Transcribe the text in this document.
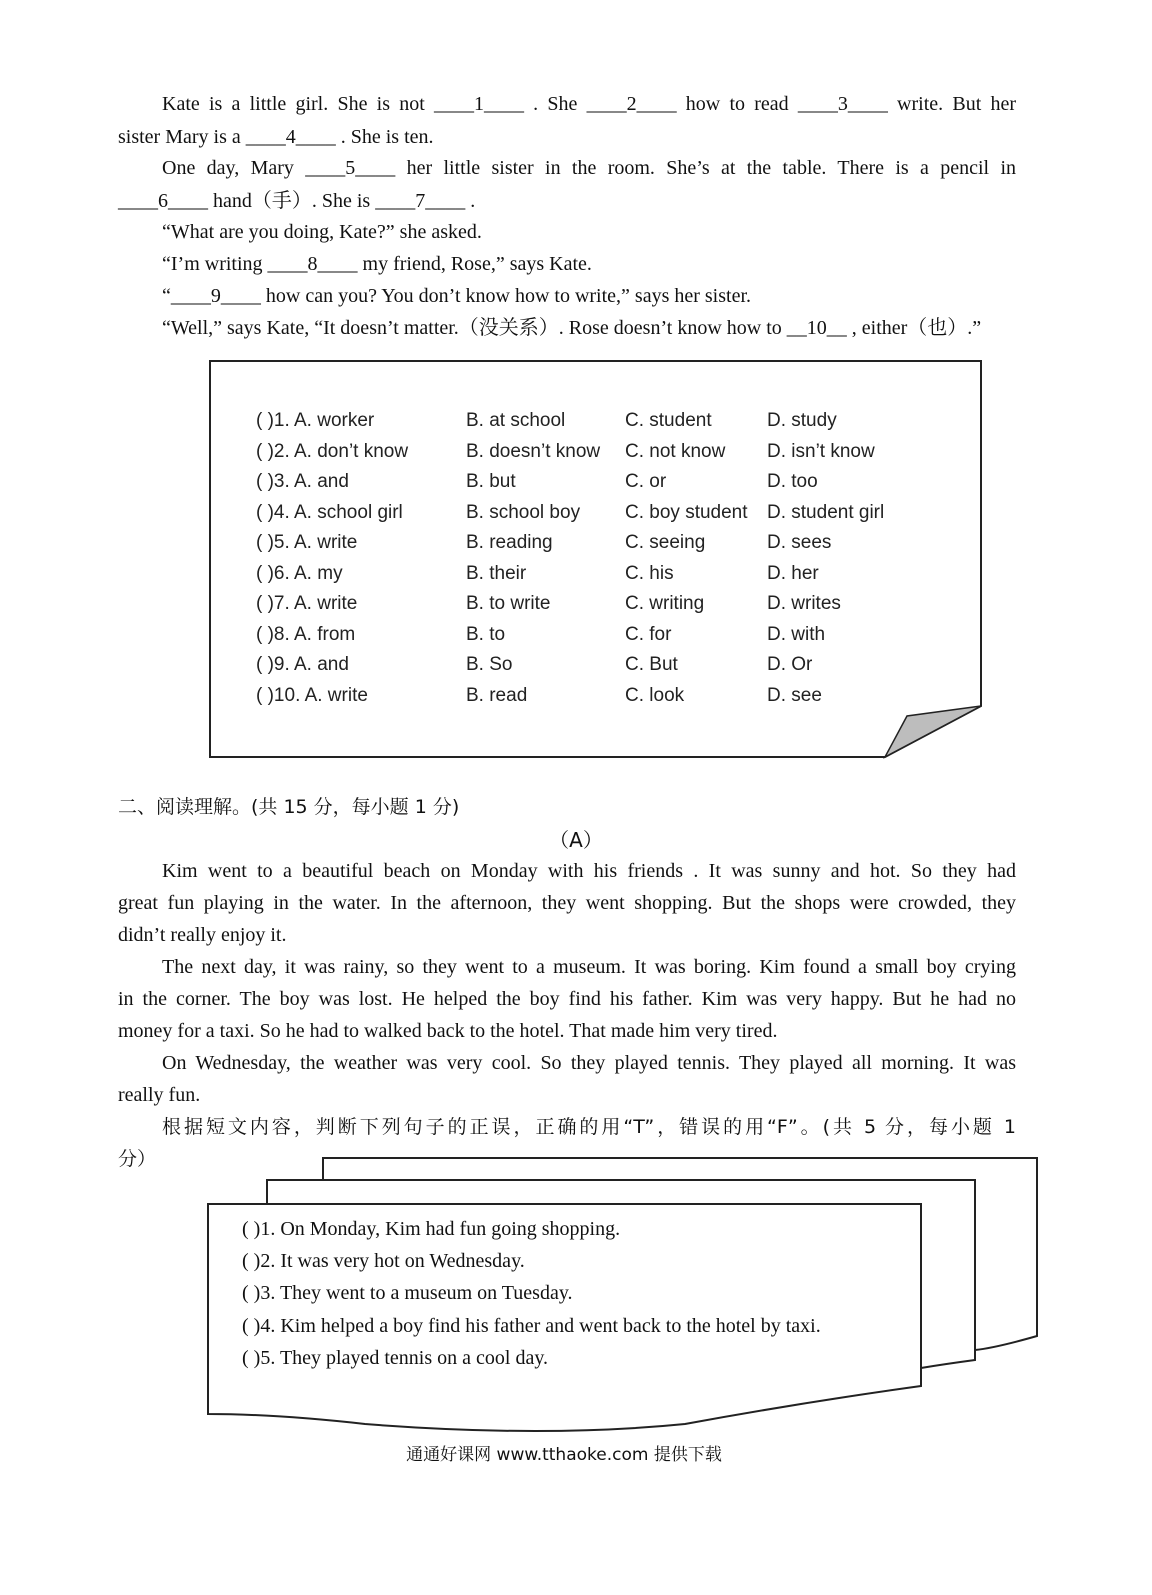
Kate is a little girl. She is not ____1____ . She ____2____ how to read ____3____ write. But her
sister Mary is a ____4____ . She is ten.
One day, Mary ____5____ her little sister in the room. She’s at the table. There is a pencil in
____6____ hand（手）. She is ____7____ .
“What are you doing, Kate?” she asked.
“I’m writing ____8____ my friend, Rose,” says Kate.
“____9____ how can you? You don’t know how to write,” says her sister.
“Well,” says Kate, “It doesn’t matter.（没关系）. Rose doesn’t know how to __10__ , either（也）.”
( )1. A. worker	B. at school	C. student	D. study
( )2. A. don’t know	B. doesn’t know C. not know D. isn’t know
( )3. A. and	B. but	C. or	D. too
( )4. A. school girl	B. school boy C. boy student D. student girl
( )5. A. write	B. reading	C. seeing	D. sees
( )6. A. my	B. their	C. his	D. her
( )7. A. write	B. to write	C. writing	D. writes
( )8. A. from	B. to	C. for	D. with
( )9. A. and	B. So	C. But	D. Or
( )10. A. write	B. read	C. look	D. see
二、阅读理解。(共 15 分，每小题 1 分)
（A）
Kim went to a beautiful beach on Monday with his friends . It was sunny and hot. So they had
great fun playing in the water. In the afternoon, they went shopping. But the shops were crowded, they
didn’t really enjoy it.
The next day, it was rainy, so they went to a museum. It was boring. Kim found a small boy crying
in the corner. The boy was lost. He helped the boy find his father. Kim was very happy. But he had no
money for a taxi. So he had to walked back to the hotel. That made him very tired.
On Wednesday, the weather was very cool. So they played tennis. They played all morning. It was
really fun.
根据短文内容，判断下列句子的正误，正确的用“T”，错误的用“F”。(共 5 分，每小题 1
分）
( )1. On Monday, Kim had fun going shopping.
( )2. It was very hot on Wednesday.
( )3. They went to a museum on Tuesday.
( )4. Kim helped a boy find his father and went back to the hotel by taxi.
( )5. They played tennis on a cool day.
通通好课网 www.tthaoke.com 提供下载
